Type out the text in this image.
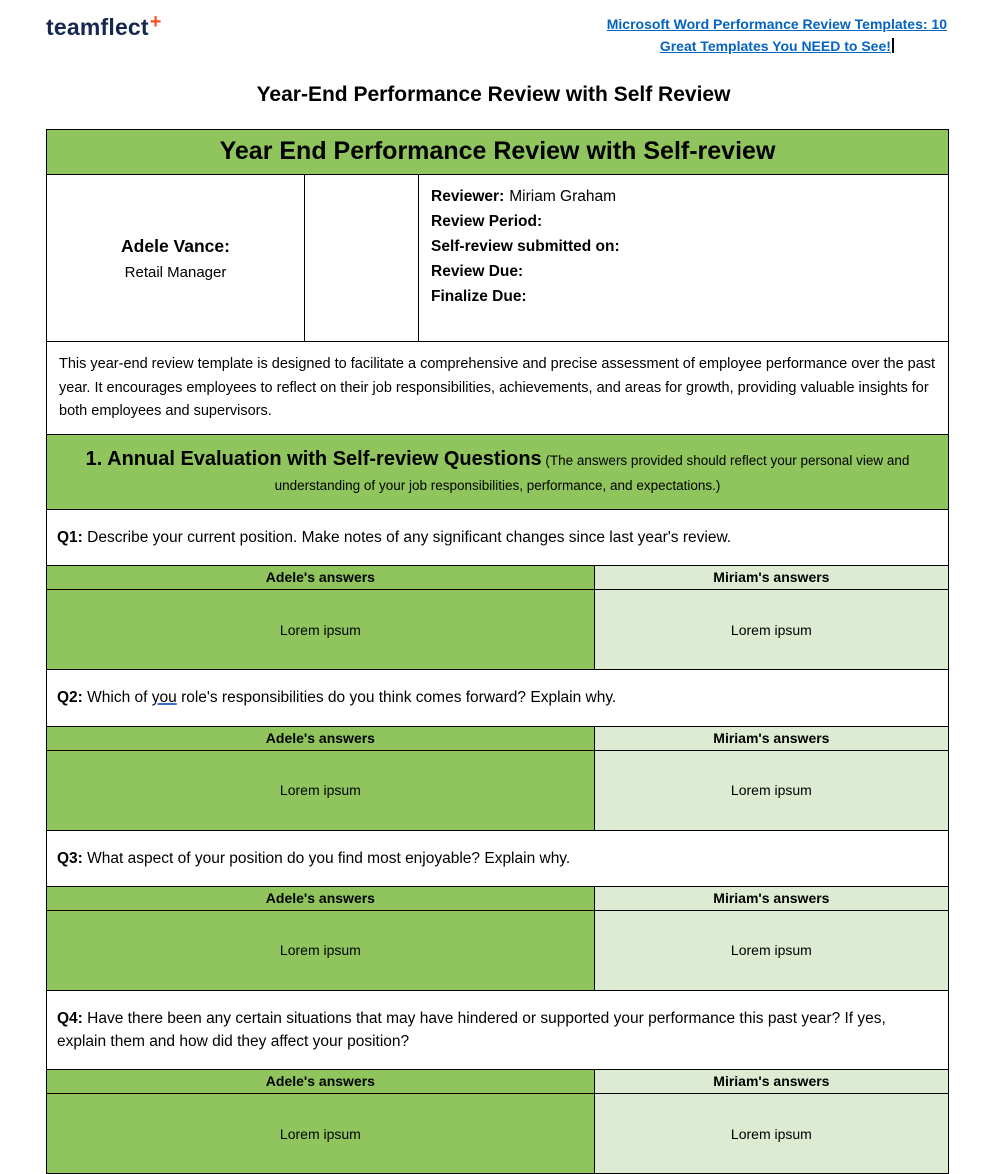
teamflect+	Microsoft Word Performance Review Templates: 10
Great Templates You NEED to See!
Year-End Performance Review with Self Review
Year End Performance Review with Self-review
Adele Vance:
Retail Manager
Reviewer: Miriam Graham
Review Period:
Self-review submitted on:
Review Due:
Finalize Due:
This year-end review template is designed to facilitate a comprehensive and precise assessment of employee performance over the past year. It encourages employees to reflect on their job responsibilities, achievements, and areas for growth, providing valuable insights for both employees and supervisors.
1. Annual Evaluation with Self-review Questions (The answers provided should reflect your personal view and understanding of your job responsibilities, performance, and expectations.)
Q1: Describe your current position. Make notes of any significant changes since last year's review.
Adele's answers	Miriam's answers
Lorem ipsum	Lorem ipsum
Q2: Which of you role's responsibilities do you think comes forward? Explain why.
Adele's answers	Miriam's answers
Lorem ipsum	Lorem ipsum
Q3: What aspect of your position do you find most enjoyable? Explain why.
Adele's answers	Miriam's answers
Lorem ipsum	Lorem ipsum
Q4: Have there been any certain situations that may have hindered or supported your performance this past year? If yes, explain them and how did they affect your position?
Adele's answers	Miriam's answers
Lorem ipsum	Lorem ipsum
